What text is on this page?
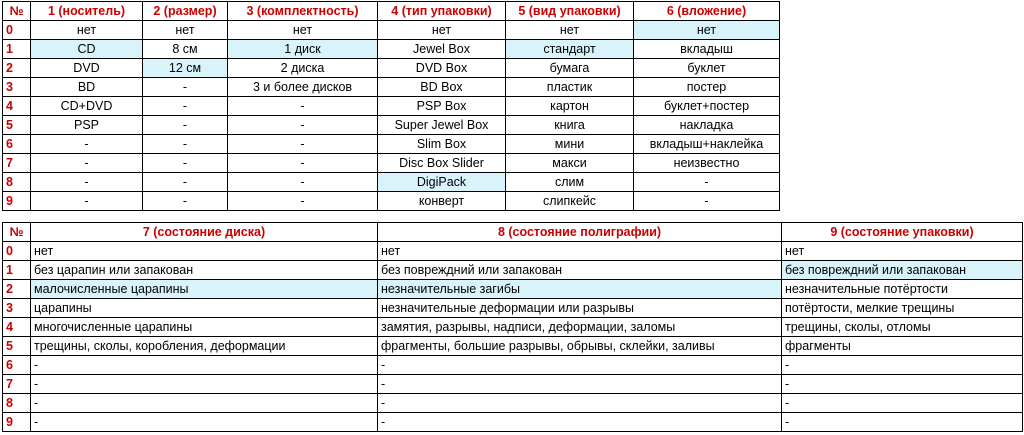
№	1 (носитель)	2 (размер)	3 (комплектность)	4 (тип упаковки)	5 (вид упаковки)	6 (вложение)
0	нет	нет	нет	нет	нет	нет
1	CD	8 см	1 диск	Jewel Box	стандарт	вкладыш
2	DVD	12 см	2 диска	DVD Box	бумага	буклет
3	BD	-	3 и более дисков	BD Box	пластик	постер
4	CD+DVD	-	-	PSP Box	картон	буклет+постер
5	PSP	-	-	Super Jewel Box	книга	накладка
6	-	-	-	Slim Box	мини	вкладыш+наклейка
7	-	-	-	Disc Box Slider	макси	неизвестно
8	-	-	-	DigiPack	слим	-
9	-	-	-	конверт	слипкейс	-
№	7 (состояние диска)	8 (состояние полиграфии)	9 (состояние упаковки)
0	нет	нет	нет
1	без царапин или запакован	без повреждний или запакован	без повреждний или запакован
2	малочисленные царапины	незначительные загибы	незначительные потёртости
3	царапины	незначительные деформации или разрывы	потёртости, мелкие трещины
4	многочисленные царапины	замятия, разрывы, надписи, деформации, заломы	трещины, сколы, отломы
5	трещины, сколы, коробления, деформации	фрагменты, большие разрывы, обрывы, склейки, заливы	фрагменты
6	-	-	-
7	-	-	-
8	-	-	-
9	-	-	-
